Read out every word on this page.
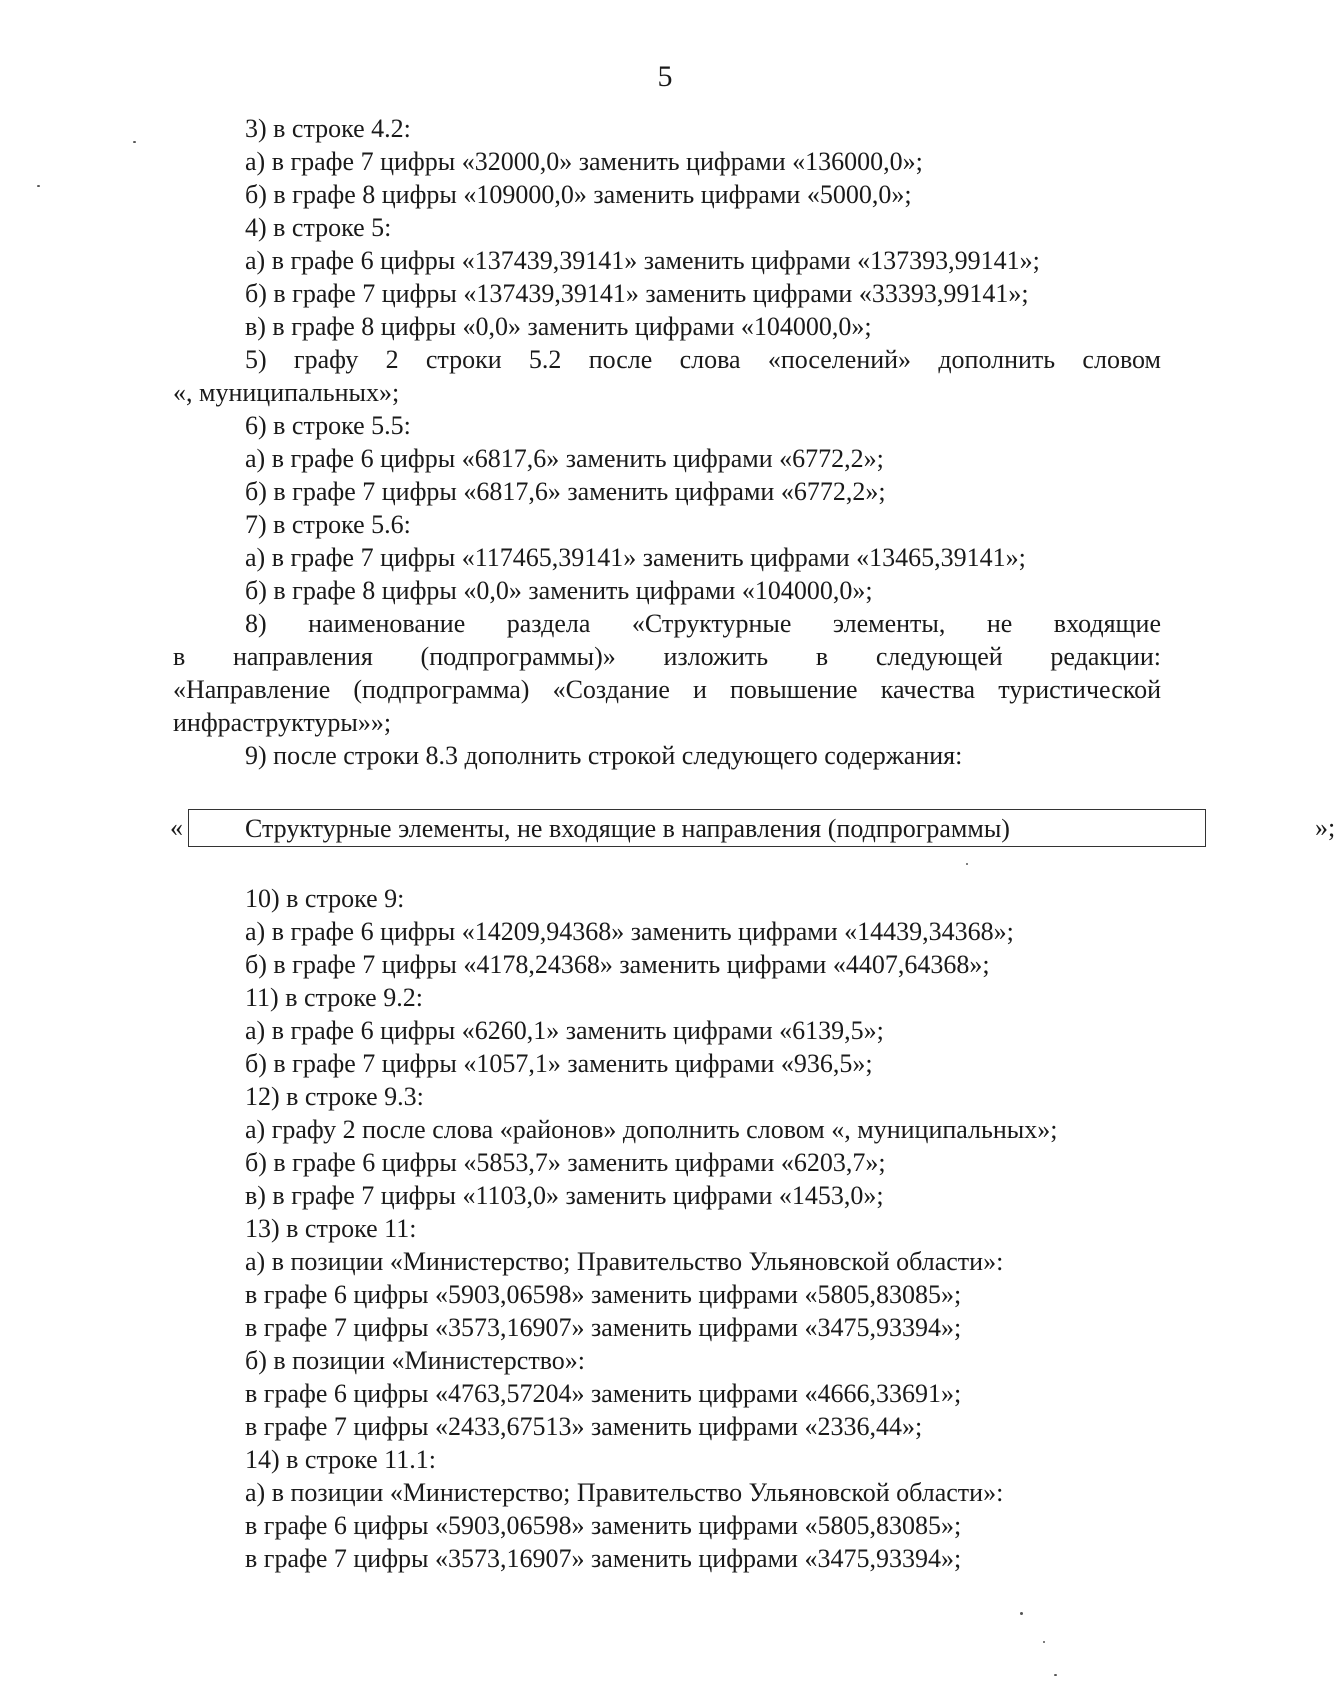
5
3) в строке 4.2:
а) в графе 7 цифры «32000,0» заменить цифрами «136000,0»;
б) в графе 8 цифры «109000,0» заменить цифрами «5000,0»;
4) в строке 5:
а) в графе 6 цифры «137439,39141» заменить цифрами «137393,99141»;
б) в графе 7 цифры «137439,39141» заменить цифрами «33393,99141»;
в) в графе 8 цифры «0,0» заменить цифрами «104000,0»;
5) графу 2 строки 5.2 после слова «поселений» дополнить словом
«, муниципальных»;
6) в строке 5.5:
а) в графе 6 цифры «6817,6» заменить цифрами «6772,2»;
б) в графе 7 цифры «6817,6» заменить цифрами «6772,2»;
7) в строке 5.6:
а) в графе 7 цифры «117465,39141» заменить цифрами «13465,39141»;
б) в графе 8 цифры «0,0» заменить цифрами «104000,0»;
8) наименование раздела «Структурные элементы, не входящие
в направления (подпрограммы)» изложить в следующей редакции:
«Направление (подпрограмма) «Создание и повышение качества туристической
инфраструктуры»»;
9) после строки 8.3 дополнить строкой следующего содержания:
«	Структурные элементы, не входящие в направления (подпрограммы)	»;
10) в строке 9:
а) в графе 6 цифры «14209,94368» заменить цифрами «14439,34368»;
б) в графе 7 цифры «4178,24368» заменить цифрами «4407,64368»;
11) в строке 9.2:
а) в графе 6 цифры «6260,1» заменить цифрами «6139,5»;
б) в графе 7 цифры «1057,1» заменить цифрами «936,5»;
12) в строке 9.3:
а) графу 2 после слова «районов» дополнить словом «, муниципальных»;
б) в графе 6 цифры «5853,7» заменить цифрами «6203,7»;
в) в графе 7 цифры «1103,0» заменить цифрами «1453,0»;
13) в строке 11:
а) в позиции «Министерство; Правительство Ульяновской области»:
в графе 6 цифры «5903,06598» заменить цифрами «5805,83085»;
в графе 7 цифры «3573,16907» заменить цифрами «3475,93394»;
б) в позиции «Министерство»:
в графе 6 цифры «4763,57204» заменить цифрами «4666,33691»;
в графе 7 цифры «2433,67513» заменить цифрами «2336,44»;
14) в строке 11.1:
а) в позиции «Министерство; Правительство Ульяновской области»:
в графе 6 цифры «5903,06598» заменить цифрами «5805,83085»;
в графе 7 цифры «3573,16907» заменить цифрами «3475,93394»;
